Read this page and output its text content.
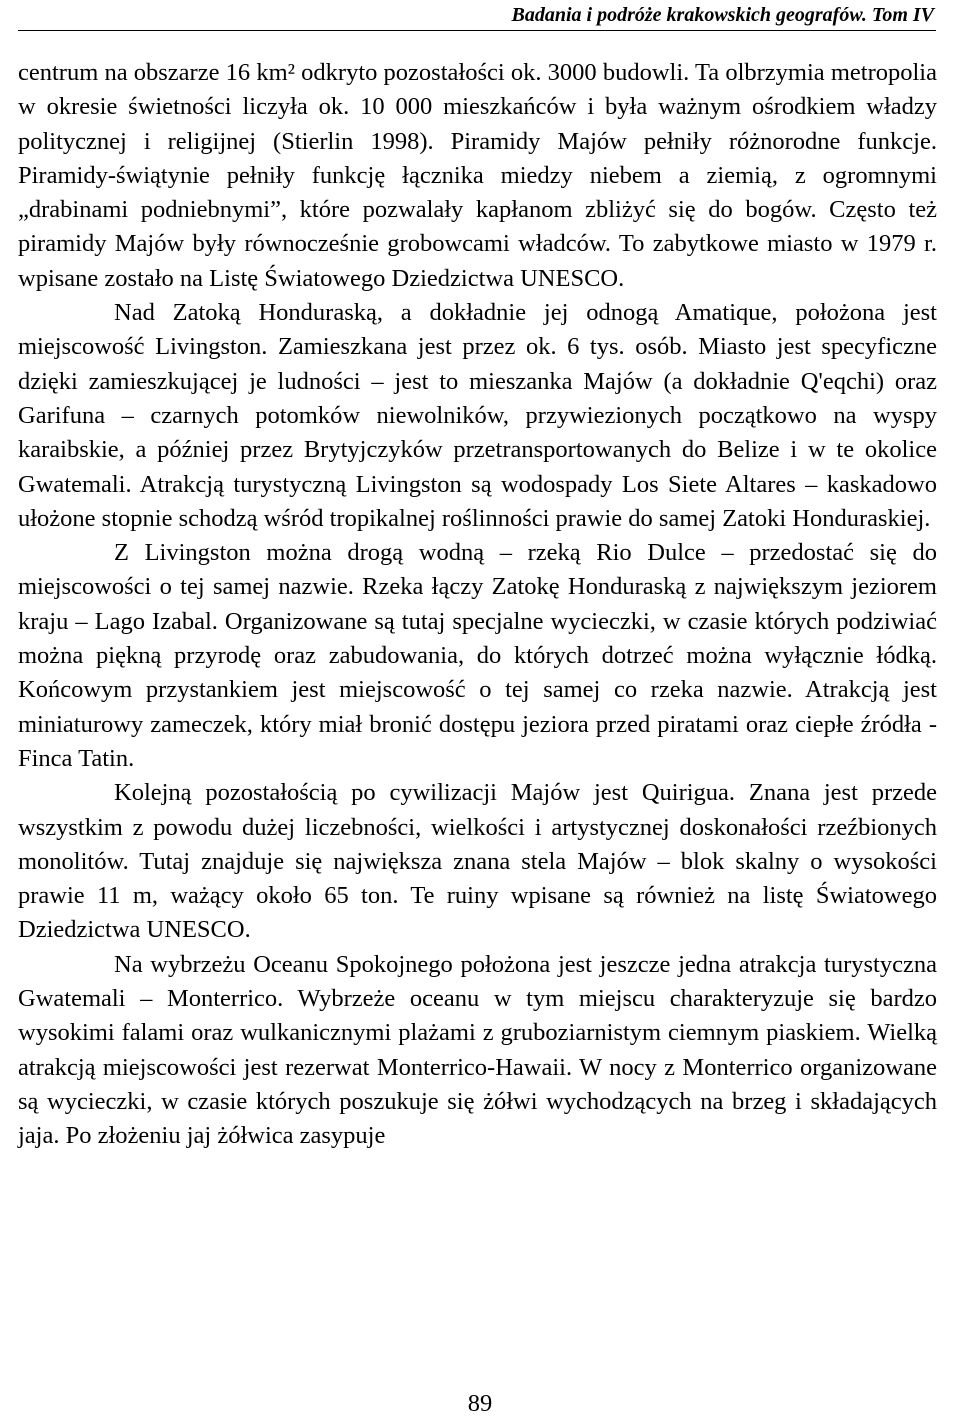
Badania i podróże krakowskich geografów. Tom IV

centrum na obszarze 16 km² odkryto pozostałości ok. 3000 budowli. Ta olbrzymia metropolia w okresie świetności liczyła ok. 10 000 mieszkańców i była ważnym ośrodkiem władzy politycznej i religijnej (Stierlin 1998). Piramidy Majów pełniły różnorodne funkcje. Piramidy-świątynie pełniły funkcję łącznika miedzy niebem a ziemią, z ogromnymi „drabinami podniebnymi”, które pozwalały kapłanom zbliżyć się do bogów. Często też piramidy Majów były równocześnie grobowcami władców. To zabytkowe miasto w 1979 r. wpisane zostało na Listę Światowego Dziedzictwa UNESCO.

Nad Zatoką Honduraską, a dokładnie jej odnogą Amatique, położona jest miejscowość Livingston. Zamieszkana jest przez ok. 6 tys. osób. Miasto jest specyficzne dzięki zamieszkującej je ludności – jest to mieszanka Majów (a dokładnie Q'eqchi) oraz Garifuna – czarnych potomków niewolników, przywiezionych początkowo na wyspy karaibskie, a później przez Brytyjczyków przetransportowanych do Belize i w te okolice Gwatemali. Atrakcją turystyczną Livingston są wodospady Los Siete Altares – kaskadowo ułożone stopnie schodzą wśród tropikalnej roślinności prawie do samej Zatoki Honduraskiej.

Z Livingston można drogą wodną – rzeką Rio Dulce – przedostać się do miejscowości o tej samej nazwie. Rzeka łączy Zatokę Honduraską z największym jeziorem kraju – Lago Izabal. Organizowane są tutaj specjalne wycieczki, w czasie których podziwiać można piękną przyrodę oraz zabudowania, do których dotrzeć można wyłącznie łódką. Końcowym przystankiem jest miejscowość o tej samej co rzeka nazwie. Atrakcją jest miniaturowy zameczek, który miał bronić dostępu jeziora przed piratami oraz ciepłe źródła - Finca Tatin.

Kolejną pozostałością po cywilizacji Majów jest Quirigua. Znana jest przede wszystkim z powodu dużej liczebności, wielkości i artystycznej doskonałości rzeźbionych monolitów. Tutaj znajduje się największa znana stela Majów – blok skalny o wysokości prawie 11 m, ważący około 65 ton. Te ruiny wpisane są również na listę Światowego Dziedzictwa UNESCO.

Na wybrzeżu Oceanu Spokojnego położona jest jeszcze jedna atrakcja turystyczna Gwatemali – Monterrico. Wybrzeże oceanu w tym miejscu charakteryzuje się bardzo wysokimi falami oraz wulkanicznymi plażami z gruboziarnistym ciemnym piaskiem. Wielką atrakcją miejscowości jest rezerwat Monterrico-Hawaii. W nocy z Monterrico organizowane są wycieczki, w czasie których poszukuje się żółwi wychodzących na brzeg i składających jaja. Po złożeniu jaj żółwica zasypuje

89
